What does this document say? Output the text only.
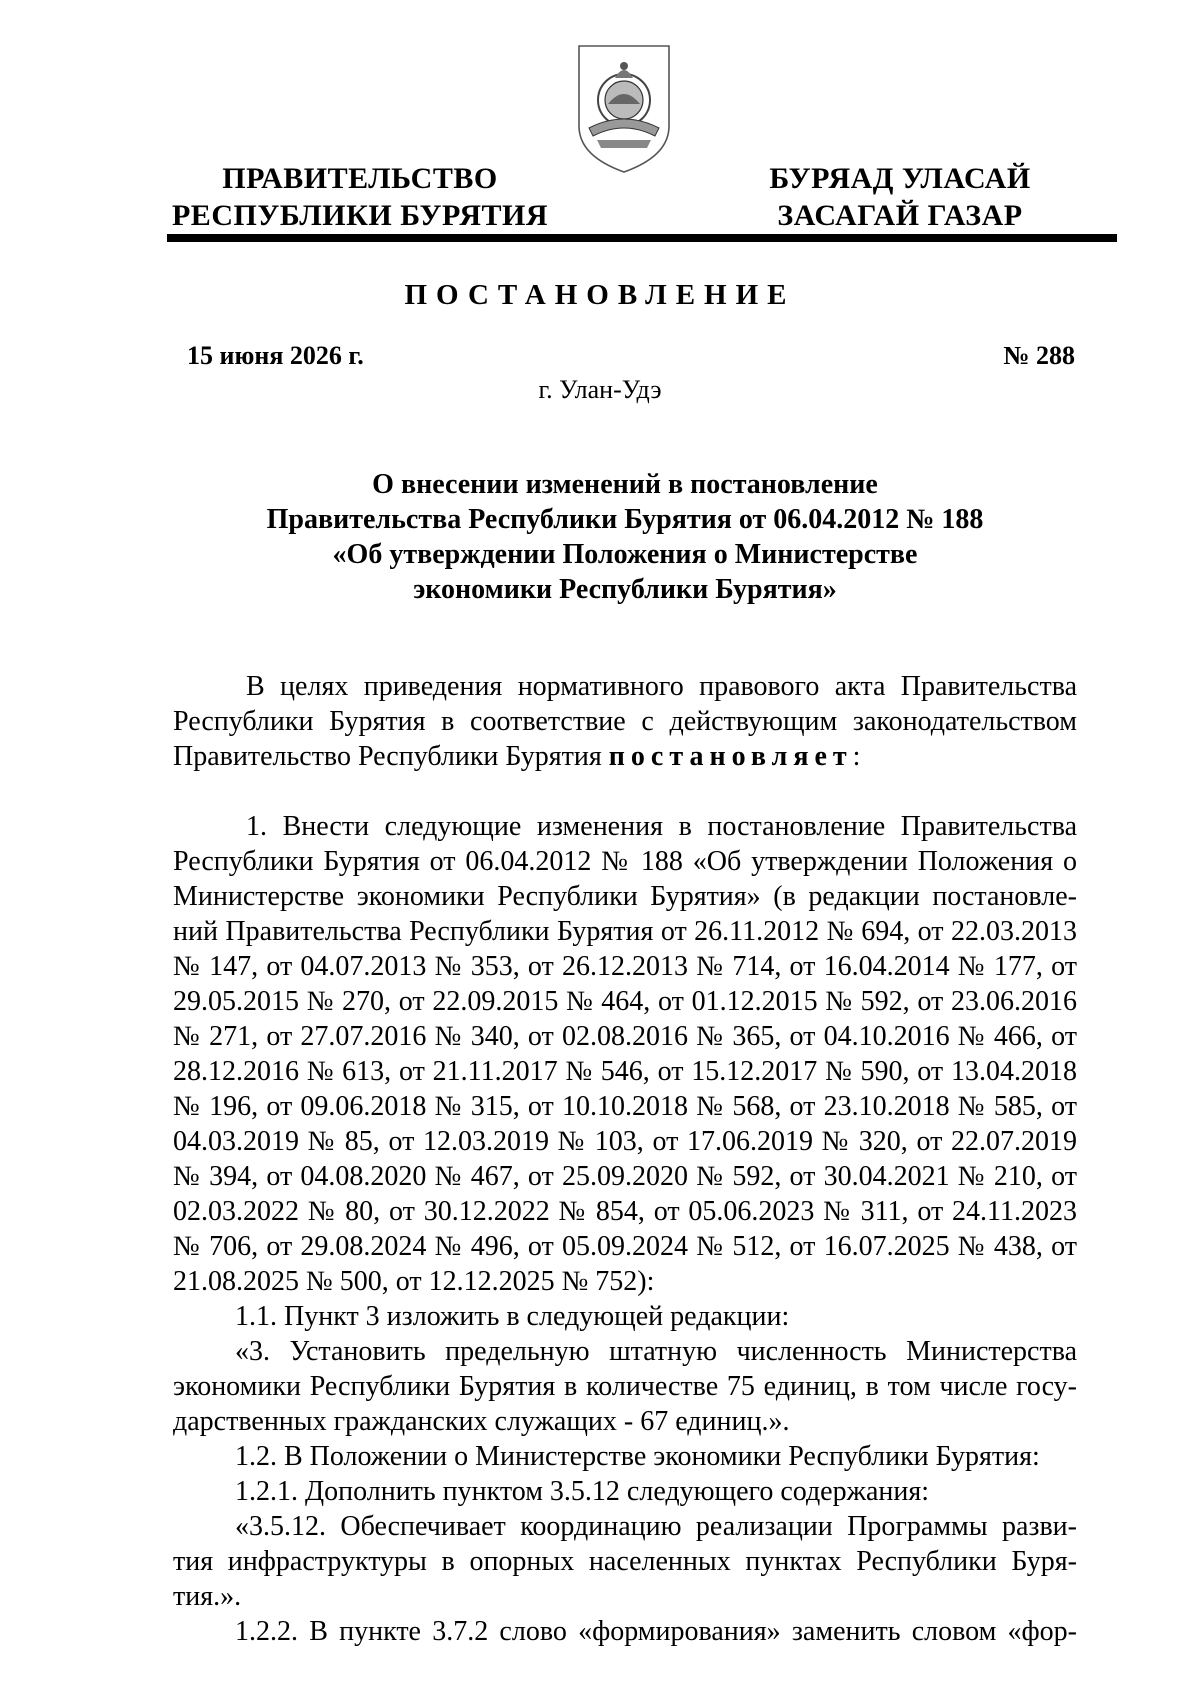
ПРАВИТЕЛЬСТВО
РЕСПУБЛИКИ БУРЯТИЯ
БУРЯАД УЛАСАЙ
ЗАСАГАЙ ГАЗАР
ПОСТАНОВЛЕНИЕ
15 июня 2026 г.	№ 288
г. Улан-Удэ
О внесении изменений в постановление
Правительства Республики Бурятия от 06.04.2012 № 188
«Об утверждении Положения о Министерстве
экономики Республики Бурятия»
В целях приведения нормативного правового акта Правительства
Республики Бурятия в соответствие с действующим законодательством
Правительство Республики Бурятия постановляет:
1. Внести следующие изменения в постановление Правительства
Республики Бурятия от 06.04.2012 № 188 «Об утверждении Положения о
Министерстве экономики Республики Бурятия» (в редакции постановле-
ний Правительства Республики Бурятия от 26.11.2012 № 694, от 22.03.2013
№ 147, от 04.07.2013 № 353, от 26.12.2013 № 714, от 16.04.2014 № 177, от
29.05.2015 № 270, от 22.09.2015 № 464, от 01.12.2015 № 592, от 23.06.2016
№ 271, от 27.07.2016 № 340, от 02.08.2016 № 365, от 04.10.2016 № 466, от
28.12.2016 № 613, от 21.11.2017 № 546, от 15.12.2017 № 590, от 13.04.2018
№ 196, от 09.06.2018 № 315, от 10.10.2018 № 568, от 23.10.2018 № 585, от
04.03.2019 № 85, от 12.03.2019 № 103, от 17.06.2019 № 320, от 22.07.2019
№ 394, от 04.08.2020 № 467, от 25.09.2020 № 592, от 30.04.2021 № 210, от
02.03.2022 № 80, от 30.12.2022 № 854, от 05.06.2023 № 311, от 24.11.2023
№ 706, от 29.08.2024 № 496, от 05.09.2024 № 512, от 16.07.2025 № 438, от
21.08.2025 № 500, от 12.12.2025 № 752):
1.1. Пункт 3 изложить в следующей редакции:
«3. Установить предельную штатную численность Министерства
экономики Республики Бурятия в количестве 75 единиц, в том числе госу-
дарственных гражданских служащих - 67 единиц.».
1.2. В Положении о Министерстве экономики Республики Бурятия:
1.2.1. Дополнить пунктом 3.5.12 следующего содержания:
«3.5.12. Обеспечивает координацию реализации Программы разви-
тия инфраструктуры в опорных населенных пунктах Республики Буря-
тия.».
1.2.2. В пункте 3.7.2 слово «формирования» заменить словом «фор-
